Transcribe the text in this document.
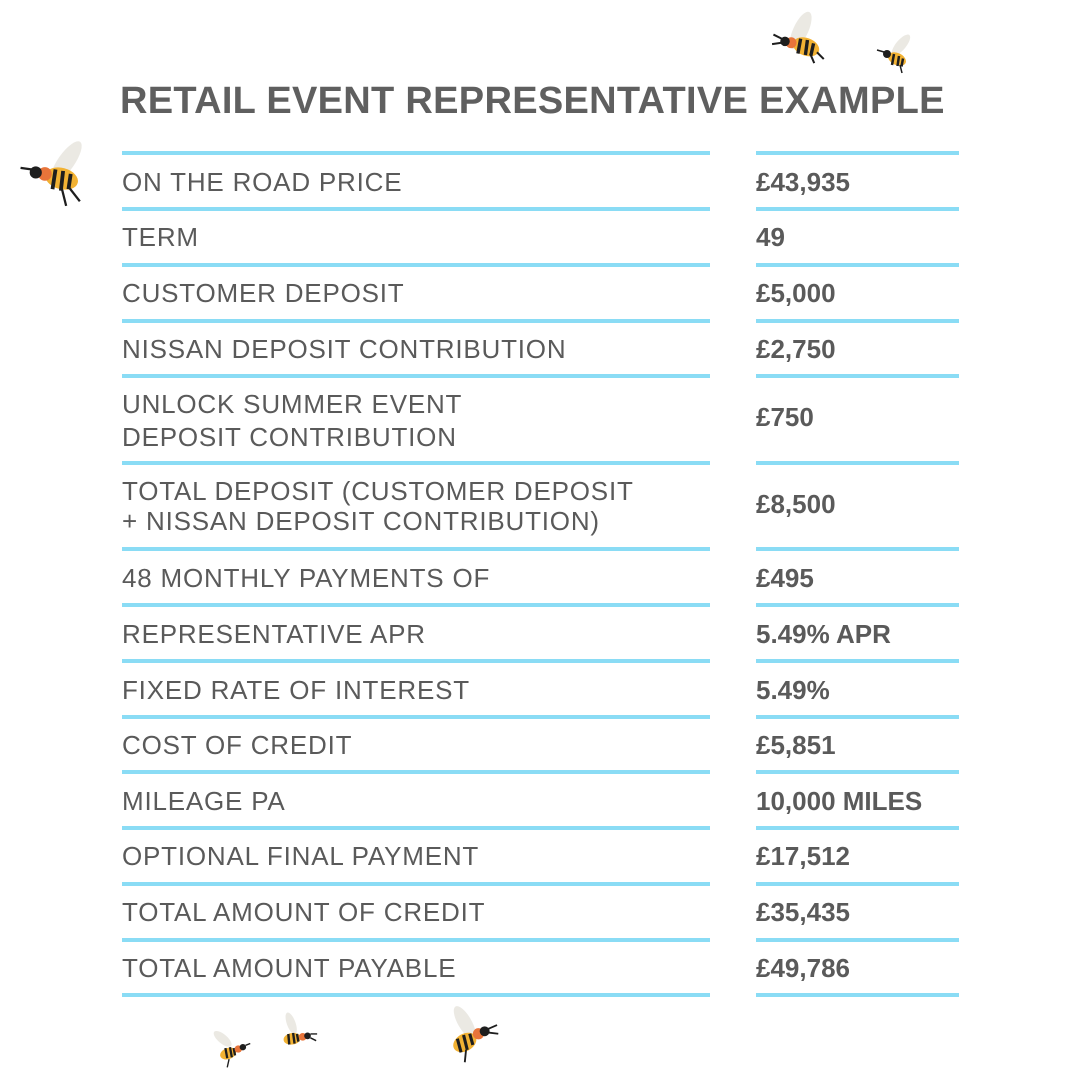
RETAIL EVENT REPRESENTATIVE EXAMPLE
ON THE ROAD PRICE
TERM
CUSTOMER DEPOSIT
NISSAN DEPOSIT CONTRIBUTION
UNLOCK SUMMER EVENT
DEPOSIT CONTRIBUTION
TOTAL DEPOSIT (CUSTOMER DEPOSIT
+ NISSAN DEPOSIT CONTRIBUTION)
48 MONTHLY PAYMENTS OF
REPRESENTATIVE APR
FIXED RATE OF INTEREST
COST OF CREDIT
MILEAGE PA
OPTIONAL FINAL PAYMENT
TOTAL AMOUNT OF CREDIT
TOTAL AMOUNT PAYABLE
£43,935
49
£5,000
£2,750
£750
£8,500
£495
5.49% APR
5.49%
£5,851
10,000 MILES
£17,512
£35,435
£49,786
